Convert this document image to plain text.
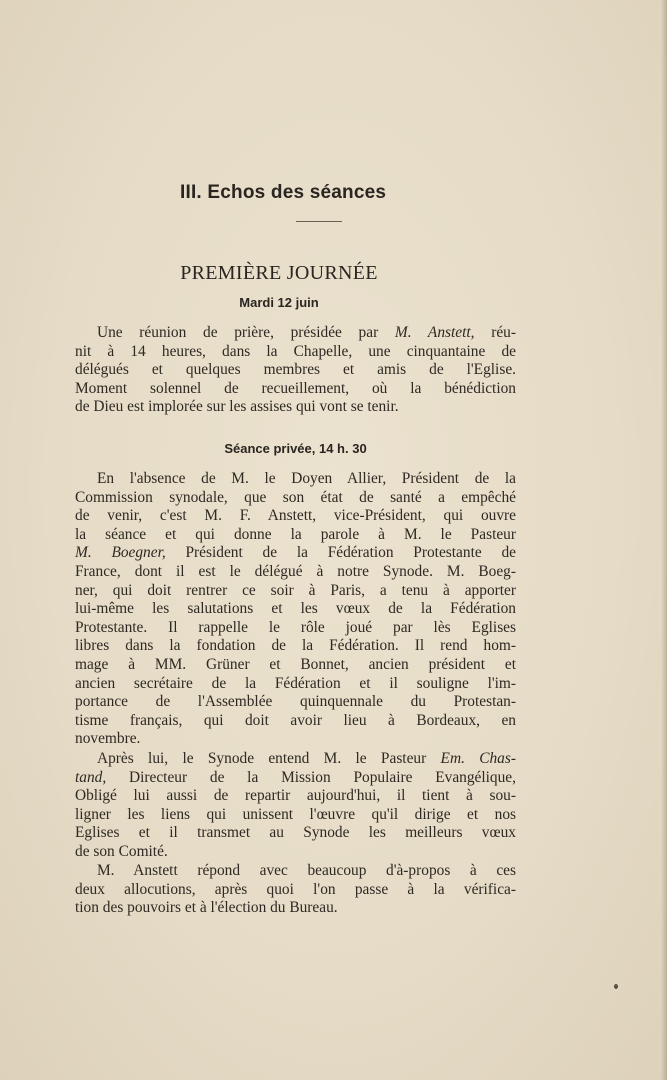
III. Echos des séances
PREMIÈRE JOURNÉE
Mardi 12 juin
Une réunion de prière, présidée par M. Anstett, réu-
nit à 14 heures, dans la Chapelle, une cinquantaine de
délégués et quelques membres et amis de l'Eglise.
Moment solennel de recueillement, où la bénédiction
de Dieu est implorée sur les assises qui vont se tenir.
Séance privée, 14 h. 30
En l'absence de M. le Doyen Allier, Président de la
Commission synodale, que son état de santé a empêché
de venir, c'est M. F. Anstett, vice-Président, qui ouvre
la séance et qui donne la parole à M. le Pasteur
M. Boegner, Président de la Fédération Protestante de
France, dont il est le délégué à notre Synode. M. Boeg-
ner, qui doit rentrer ce soir à Paris, a tenu à apporter
lui-même les salutations et les vœux de la Fédération
Protestante. Il rappelle le rôle joué par lès Eglises
libres dans la fondation de la Fédération. Il rend hom-
mage à MM. Grüner et Bonnet, ancien président et
ancien secrétaire de la Fédération et il souligne l'im-
portance de l'Assemblée quinquennale du Protestan-
tisme français, qui doit avoir lieu à Bordeaux, en
novembre.
Après lui, le Synode entend M. le Pasteur Em. Chas-
tand, Directeur de la Mission Populaire Evangélique,
Obligé lui aussi de repartir aujourd'hui, il tient à sou-
ligner les liens qui unissent l'œuvre qu'il dirige et nos
Eglises et il transmet au Synode les meilleurs vœux
de son Comité.
M. Anstett répond avec beaucoup d'à-propos à ces
deux allocutions, après quoi l'on passe à la vérifica-
tion des pouvoirs et à l'élection du Bureau.
